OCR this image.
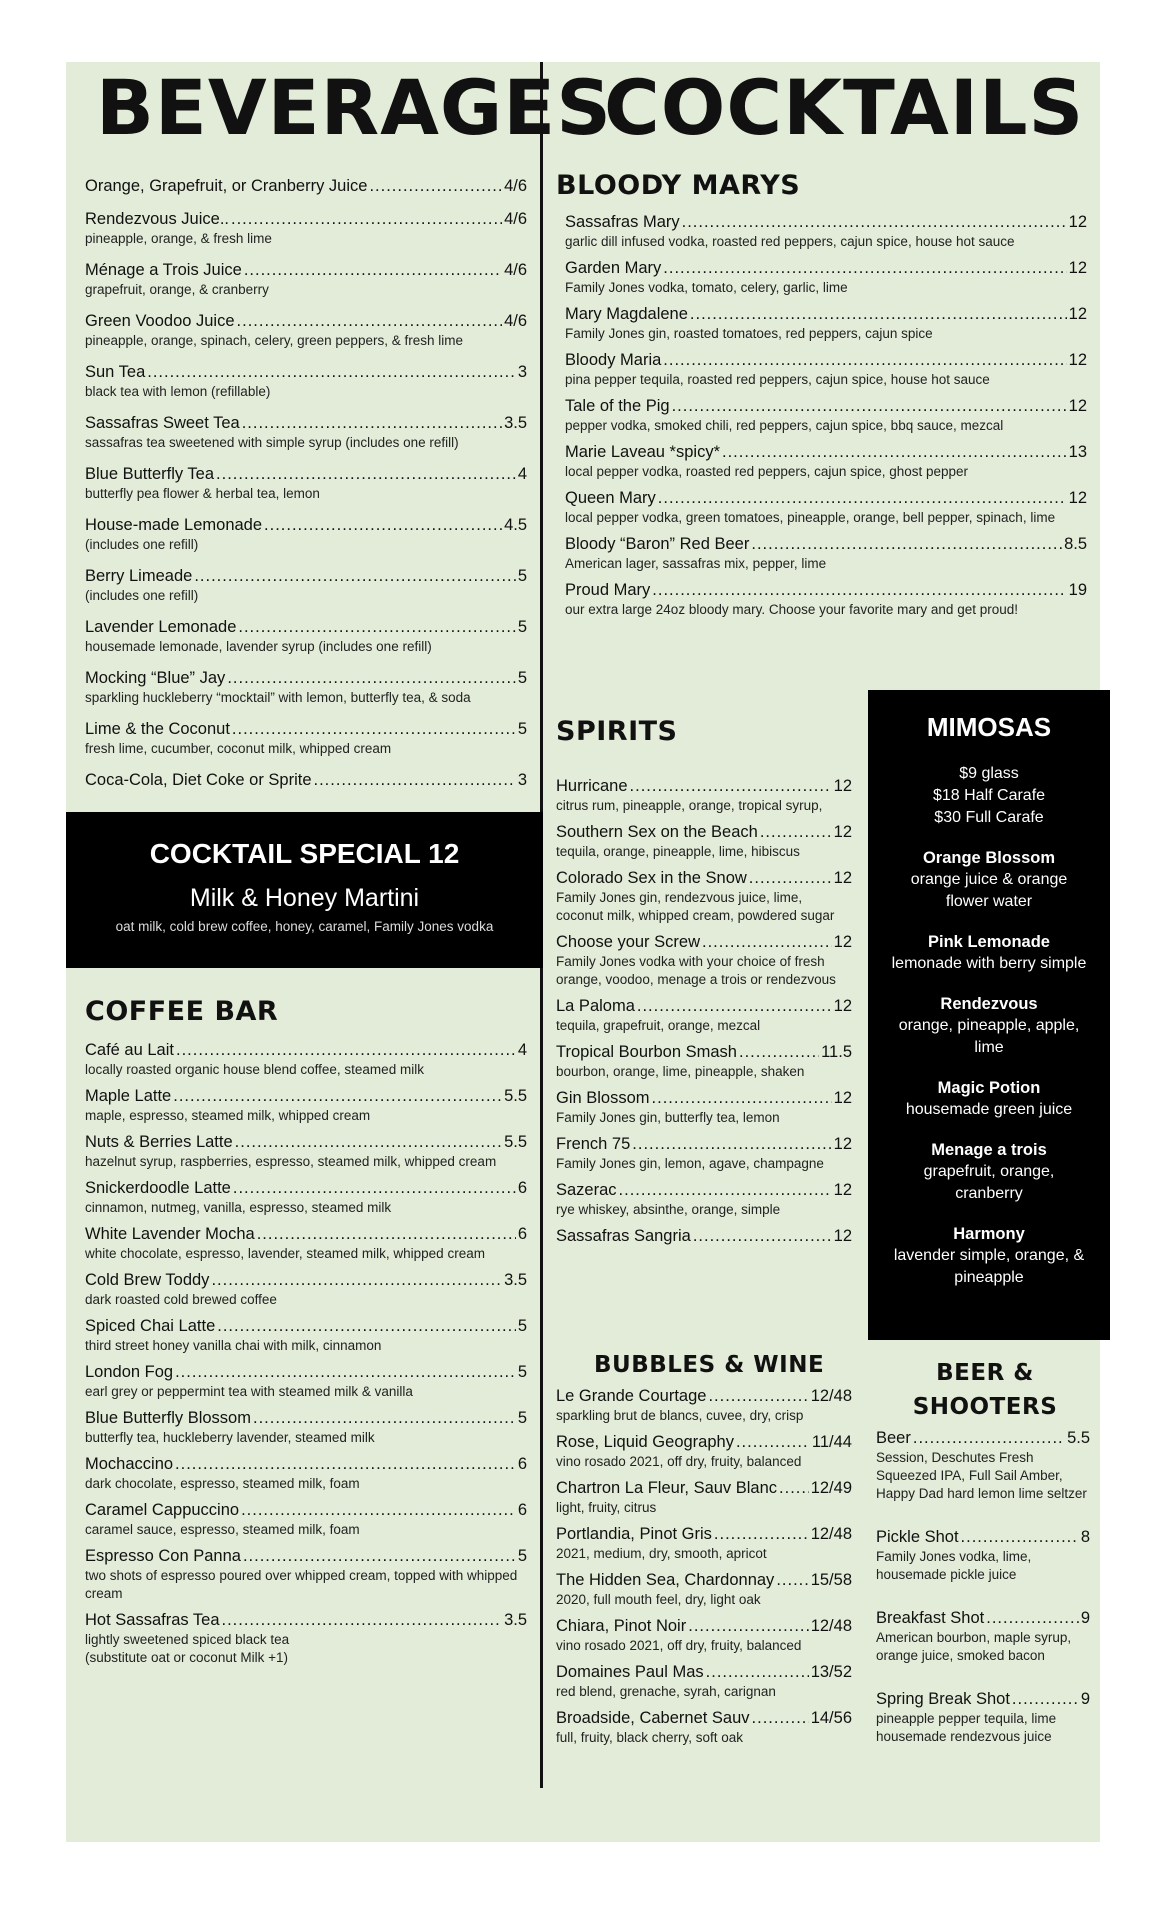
BEVERAGES
Orange, Grapefruit, or Cranberry Juice .....	4/6
Rendezvous Juice.. .....	4/6
pineapple, orange, & fresh lime
Ménage a Trois Juice .....	4/6
grapefruit, orange, & cranberry
Green Voodoo Juice .....	4/6
pineapple, orange, spinach, celery, green peppers, & fresh lime
Sun Tea .....	3
black tea with lemon (refillable)
Sassafras Sweet Tea .....	3.5
sassafras tea sweetened with simple syrup (includes one refill)
Blue Butterfly Tea .....	4
butterfly pea flower & herbal tea, lemon
House-made Lemonade .....	4.5
(includes one refill)
Berry Limeade .....	5
(includes one refill)
Lavender Lemonade .....	5
housemade lemonade, lavender syrup (includes one refill)
Mocking “Blue” Jay .....	5
sparkling huckleberry “mocktail” with lemon, butterfly tea, & soda
Lime & the Coconut .....	5
fresh lime, cucumber, coconut milk, whipped cream
Coca-Cola, Diet Coke or Sprite .....	3
COCKTAIL SPECIAL 12
Milk & Honey Martini
oat milk, cold brew coffee, honey, caramel, Family Jones vodka
COFFEE BAR
Café au Lait .....	4
locally roasted organic house blend coffee, steamed milk
Maple Latte .....	5.5
maple, espresso, steamed milk, whipped cream
Nuts & Berries Latte .....	5.5
hazelnut syrup, raspberries, espresso, steamed milk, whipped cream
Snickerdoodle Latte .....	6
cinnamon, nutmeg, vanilla, espresso, steamed milk
White Lavender Mocha .....	6
white chocolate, espresso, lavender, steamed milk, whipped cream
Cold Brew Toddy .....	3.5
dark roasted cold brewed coffee
Spiced Chai Latte .....	5
third street honey vanilla chai with milk, cinnamon
London Fog .....	5
earl grey or peppermint tea with steamed milk & vanilla
Blue Butterfly Blossom .....	5
butterfly tea, huckleberry lavender, steamed milk
Mochaccino .....	6
dark chocolate, espresso, steamed milk, foam
Caramel Cappuccino .....	6
caramel sauce, espresso, steamed milk, foam
Espresso Con Panna .....	5
two shots of espresso poured over whipped cream, topped with whipped cream
Hot Sassafras Tea .....	3.5
lightly sweetened spiced black tea
(substitute oat or coconut Milk +1)
COCKTAILS
BLOODY MARYS
Sassafras Mary .....	12
garlic dill infused vodka, roasted red peppers, cajun spice, house hot sauce
Garden Mary .....	12
Family Jones vodka, tomato, celery, garlic, lime
Mary Magdalene .....	12
Family Jones gin, roasted tomatoes, red peppers, cajun spice
Bloody Maria .....	12
pina pepper tequila, roasted red peppers, cajun spice, house hot sauce
Tale of the Pig .....	12
pepper vodka, smoked chili, red peppers, cajun spice, bbq sauce, mezcal
Marie Laveau *spicy* .....	13
local pepper vodka, roasted red peppers, cajun spice, ghost pepper
Queen Mary .....	12
local pepper vodka, green tomatoes, pineapple, orange, bell pepper, spinach, lime
Bloody “Baron” Red Beer .....	8.5
American lager, sassafras mix, pepper, lime
Proud Mary .....	19
our extra large 24oz bloody mary. Choose your favorite mary and get proud!
SPIRITS
Hurricane .....	12
citrus rum, pineapple, orange, tropical syrup,
Southern Sex on the Beach .....	12
tequila, orange, pineapple, lime, hibiscus
Colorado Sex in the Snow .....	12
Family Jones gin, rendezvous juice, lime, coconut milk, whipped cream, powdered sugar
Choose your Screw .....	12
Family Jones vodka with your choice of fresh orange, voodoo, menage a trois or rendezvous
La Paloma .....	12
tequila, grapefruit, orange, mezcal
Tropical Bourbon Smash .....	11.5
bourbon, orange, lime, pineapple, shaken
Gin Blossom .....	12
Family Jones gin, butterfly tea, lemon
French 75 .....	12
Family Jones gin, lemon, agave, champagne
Sazerac .....	12
rye whiskey, absinthe, orange, simple
Sassafras Sangria .....	12
MIMOSAS
$9 glass
$18 Half Carafe
$30 Full Carafe
Orange Blossom
orange juice & orange flower water
Pink Lemonade
lemonade with berry simple
Rendezvous
orange, pineapple, apple, lime
Magic Potion
housemade green juice
Menage a trois
grapefruit, orange, cranberry
Harmony
lavender simple, orange, & pineapple
BUBBLES & WINE
Le Grande Courtage .....	12/48
sparkling brut de blancs, cuvee, dry, crisp
Rose, Liquid Geography .....	11/44
vino rosado 2021, off dry, fruity, balanced
Chartron La Fleur, Sauv Blanc ..... 12/49
light, fruity, citrus
Portlandia, Pinot Gris .....	12/48
2021, medium, dry, smooth, apricot
The Hidden Sea, Chardonnay ..... 15/58
2020, full mouth feel, dry, light oak
Chiara, Pinot Noir .....	12/48
vino rosado 2021, off dry, fruity, balanced
Domaines Paul Mas .....	13/52
red blend, grenache, syrah, carignan
Broadside, Cabernet Sauv .....	14/56
full, fruity, black cherry, soft oak
BEER & SHOOTERS
Beer .....	5.5
Session, Deschutes Fresh Squeezed IPA, Full Sail Amber, Happy Dad hard lemon lime seltzer
Pickle Shot .....	8
Family Jones vodka, lime, housemade pickle juice
Breakfast Shot .....	9
American bourbon, maple syrup, orange juice, smoked bacon
Spring Break Shot .....	9
pineapple pepper tequila, lime housemade rendezvous juice
